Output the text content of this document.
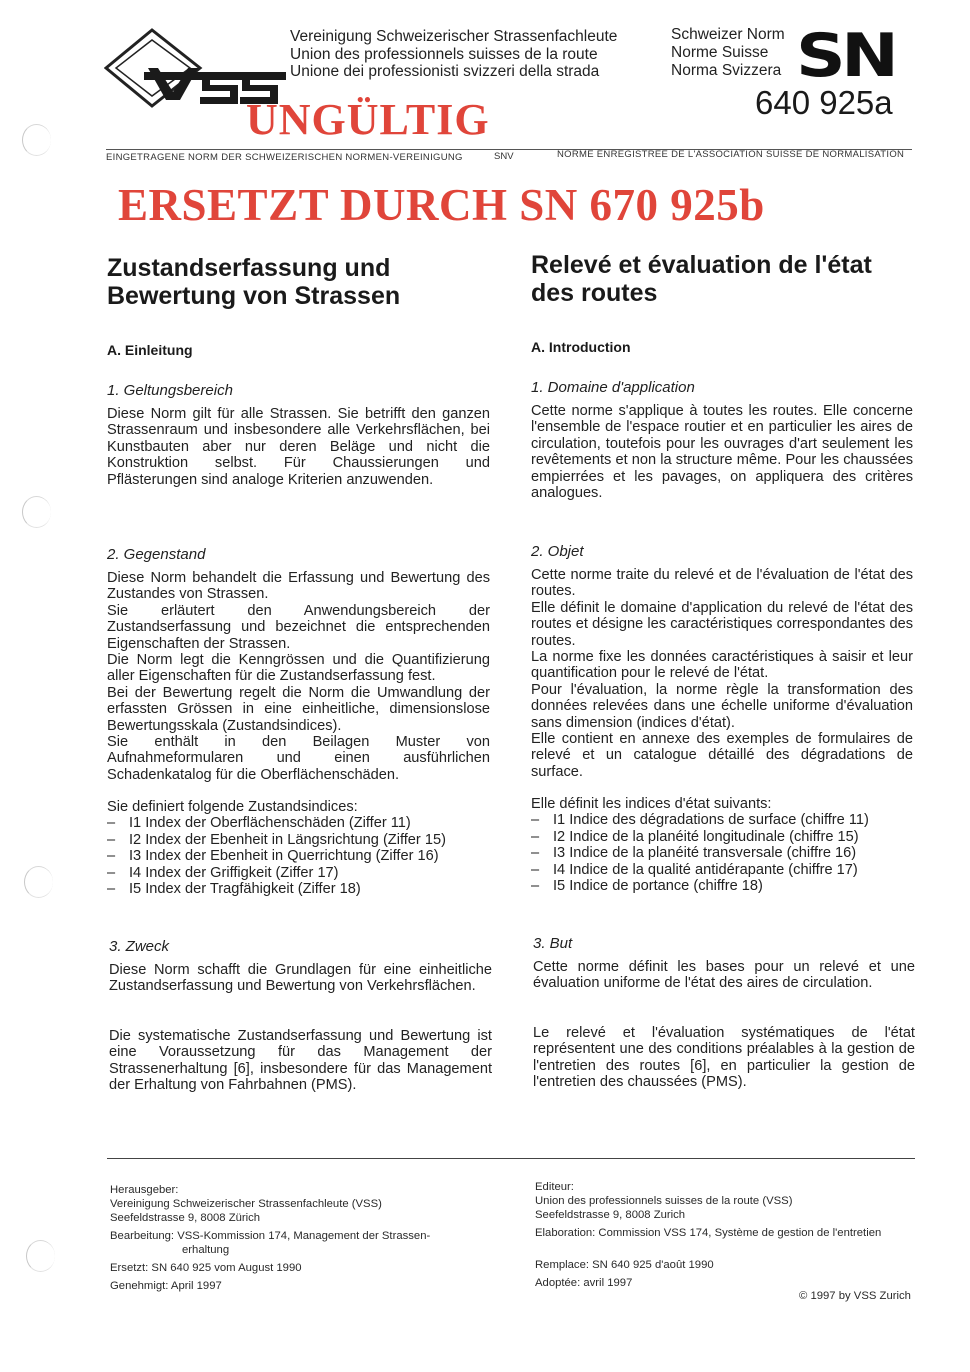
Vereinigung Schweizerischer Strassenfachleute
Union des professionnels suisses de la route
Unione dei professionisti svizzeri della strada
Schweizer Norm
Norme Suisse
Norma Svizzera SN
640 925a
UNGÜLTIG
EINGETRAGENE NORM DER SCHWEIZERISCHEN NORMEN-VEREINIGUNG	SNV	NORME ENREGISTREE DE L'ASSOCIATION SUISSE DE NORMALISATION
ERSETZT DURCH SN 670 925b
Zustandserfassung und
Bewertung von Strassen
A. Einleitung
1. Geltungsbereich
Diese Norm gilt für alle Strassen. Sie betrifft den ganzen Strassenraum und insbesondere alle Verkehrsflächen, bei Kunstbauten aber nur deren Beläge und nicht die Konstruktion selbst. Für Chaussierungen und Pflästerungen sind analoge Kriterien anzuwenden.
2. Gegenstand
Diese Norm behandelt die Erfassung und Bewertung des Zustandes von Strassen.
Sie erläutert den Anwendungsbereich der Zustandserfassung und bezeichnet die entsprechenden Eigenschaften der Strassen.
Die Norm legt die Kenngrössen und die Quantifizierung aller Eigenschaften für die Zustandserfassung fest.
Bei der Bewertung regelt die Norm die Umwandlung der erfassten Grössen in eine einheitliche, dimensionslose Bewertungsskala (Zustandsindices).
Sie enthält in den Beilagen Muster von Aufnahmeformularen und einen ausführlichen Schadenkatalog für die Oberflächenschäden.
Sie definiert folgende Zustandsindices:
– I1 Index der Oberflächenschäden (Ziffer 11)
– I2 Index der Ebenheit in Längsrichtung (Ziffer 15)
– I3 Index der Ebenheit in Querrichtung (Ziffer 16)
– I4 Index der Griffigkeit (Ziffer 17)
– I5 Index der Tragfähigkeit (Ziffer 18)
3. Zweck
Diese Norm schafft die Grundlagen für eine einheitliche Zustandserfassung und Bewertung von Verkehrsflächen.
Die systematische Zustandserfassung und Bewertung ist eine Voraussetzung für das Management der Strassenerhaltung [6], insbesondere für das Management der Erhaltung von Fahrbahnen (PMS).
Relevé et évaluation de l'état
des routes
A. Introduction
1. Domaine d'application
Cette norme s'applique à toutes les routes. Elle concerne l'ensemble de l'espace routier et en particulier les aires de circulation, toutefois pour les ouvrages d'art seulement les revêtements et non la structure même. Pour les chaussées empierrées et les pavages, on appliquera des critères analogues.
2. Objet
Cette norme traite du relevé et de l'évaluation de l'état des routes.
Elle définit le domaine d'application du relevé de l'état des routes et désigne les caractéristiques correspondantes des routes.
La norme fixe les données caractéristiques à saisir et leur quantification pour le relevé de l'état.
Pour l'évaluation, la norme règle la transformation des données relevées dans une échelle uniforme d'évaluation sans dimension (indices d'état).
Elle contient en annexe des exemples de formulaires de relevé et un catalogue détaillé des dégradations de surface.
Elle définit les indices d'état suivants:
– I1 Indice des dégradations de surface (chiffre 11)
– I2 Indice de la planéité longitudinale (chiffre 15)
– I3 Indice de la planéité transversale (chiffre 16)
– I4 Indice de la qualité antidérapante (chiffre 17)
– I5 Indice de portance (chiffre 18)
3. But
Cette norme définit les bases pour un relevé et une évaluation uniforme de l'état des aires de circulation.
Le relevé et l'évaluation systématiques de l'état représentent une des conditions préalables à la gestion de l'entretien des routes [6], en particulier la gestion de l'entretien des chaussées (PMS).
Herausgeber:
Vereinigung Schweizerischer Strassenfachleute (VSS)
Seefeldstrasse 9, 8008 Zürich
Bearbeitung: VSS-Kommission 174, Management der Strassen-
erhaltung
Ersetzt: SN 640 925 vom August 1990
Genehmigt: April 1997
Editeur:
Union des professionnels suisses de la route (VSS)
Seefeldstrasse 9, 8008 Zurich
Elaboration: Commission VSS 174, Système de gestion de l'entretien
Remplace: SN 640 925 d'août 1990
Adoptée: avril 1997
© 1997 by VSS Zurich
